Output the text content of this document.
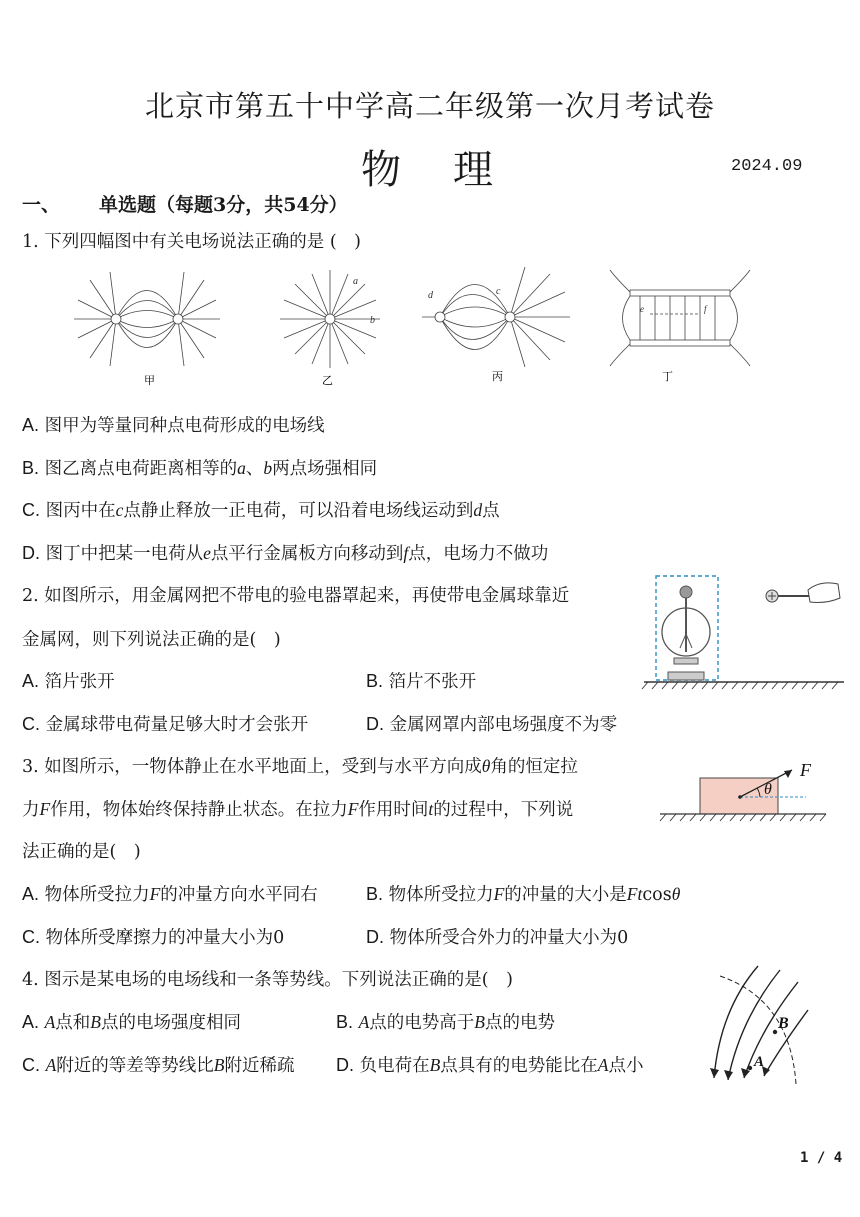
北京市第五十中学高二年级第一次月考试卷
物　理	2024.09
一、 单选题（每题3分，共54分）
1. 下列四幅图中有关电场说法正确的是 (　)
甲
a
b
乙
d	c
丙
e	f
丁
A. 图甲为等量同种点电荷形成的电场线
B. 图乙离点电荷距离相等的a、b两点场强相同
C. 图丙中在c点静止释放一正电荷，可以沿着电场线运动到d点
D. 图丁中把某一电荷从e点平行金属板方向移动到f点，电场力不做功
2. 如图所示，用金属网把不带电的验电器罩起来，再使带电金属球靠近
金属网，则下列说法正确的是(　)
A. 箔片张开	B. 箔片不张开
C. 金属球带电荷量足够大时才会张开	D. 金属网罩内部电场强度不为零
3. 如图所示，一物体静止在水平地面上，受到与水平方向成θ角的恒定拉
力F作用，物体始终保持静止状态。在拉力F作用时间t的过程中，下列说
法正确的是(　)
F
θ
A. 物体所受拉力F的冲量方向水平同右	B. 物体所受拉力F的冲量的大小是Ftcosθ
C. 物体所受摩擦力的冲量大小为0	D. 物体所受合外力的冲量大小为0
4. 图示是某电场的电场线和一条等势线。下列说法正确的是(　)
B
A
A. A点和B点的电场强度相同	B. A点的电势高于B点的电势
C. A附近的等差等势线比B附近稀疏 D. 负电荷在B点具有的电势能比在A点小
1 / 4
